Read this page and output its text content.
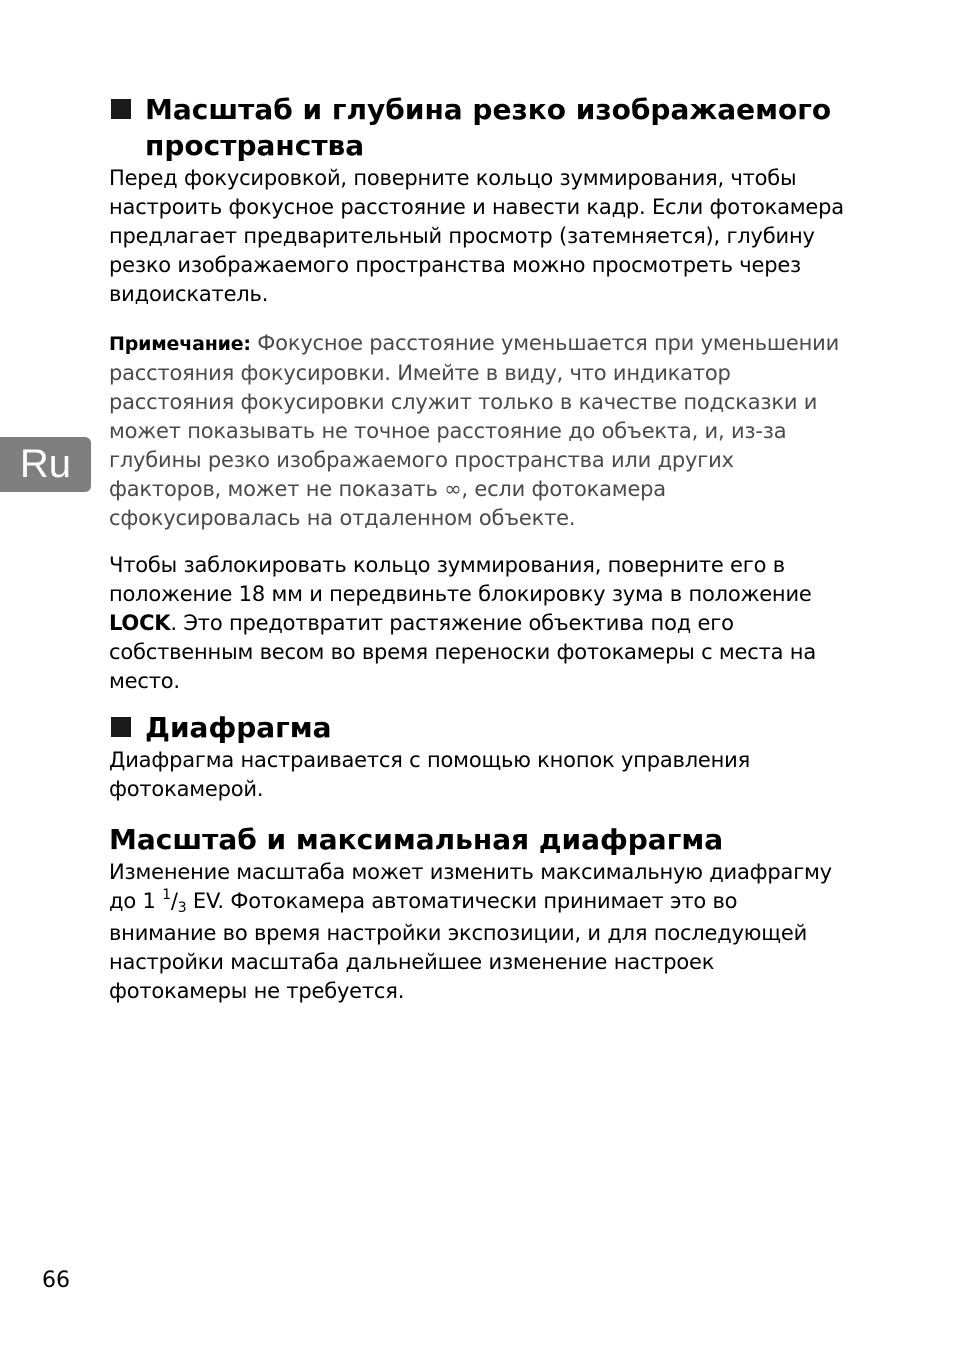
Ru
Масштаб и глубина резко изображаемого пространства

Перед фокусировкой, поверните кольцо зуммирования, чтобы настроить фокусное расстояние и навести кадр. Если фотокамера предлагает предварительный просмотр (затемняется), глубину резко изображаемого пространства можно просмотреть через видоискатель.

Примечание: Фокусное расстояние уменьшается при уменьшении расстояния фокусировки. Имейте в виду, что индикатор расстояния фокусировки служит только в качестве подсказки и может показывать не точное расстояние до объекта, и, из-за глубины резко изображаемого пространства или других факторов, может не показать ∞, если фотокамера сфокусировалась на отдаленном объекте.

Чтобы заблокировать кольцо зуммирования, поверните его в положение 18 мм и передвиньте блокировку зума в положение LOCK. Это предотвратит растяжение объектива под его собственным весом во время переноски фотокамеры с места на место.

Диафрагма

Диафрагма настраивается с помощью кнопок управления фотокамерой.

Масштаб и максимальная диафрагма

Изменение масштаба может изменить максимальную диафрагму до 1 $^1$/3 EV. Фотокамера автоматически принимает это во внимание во время настройки экспозиции, и для последующей настройки масштаба дальнейшее изменение настроек фотокамеры не требуется.

66
